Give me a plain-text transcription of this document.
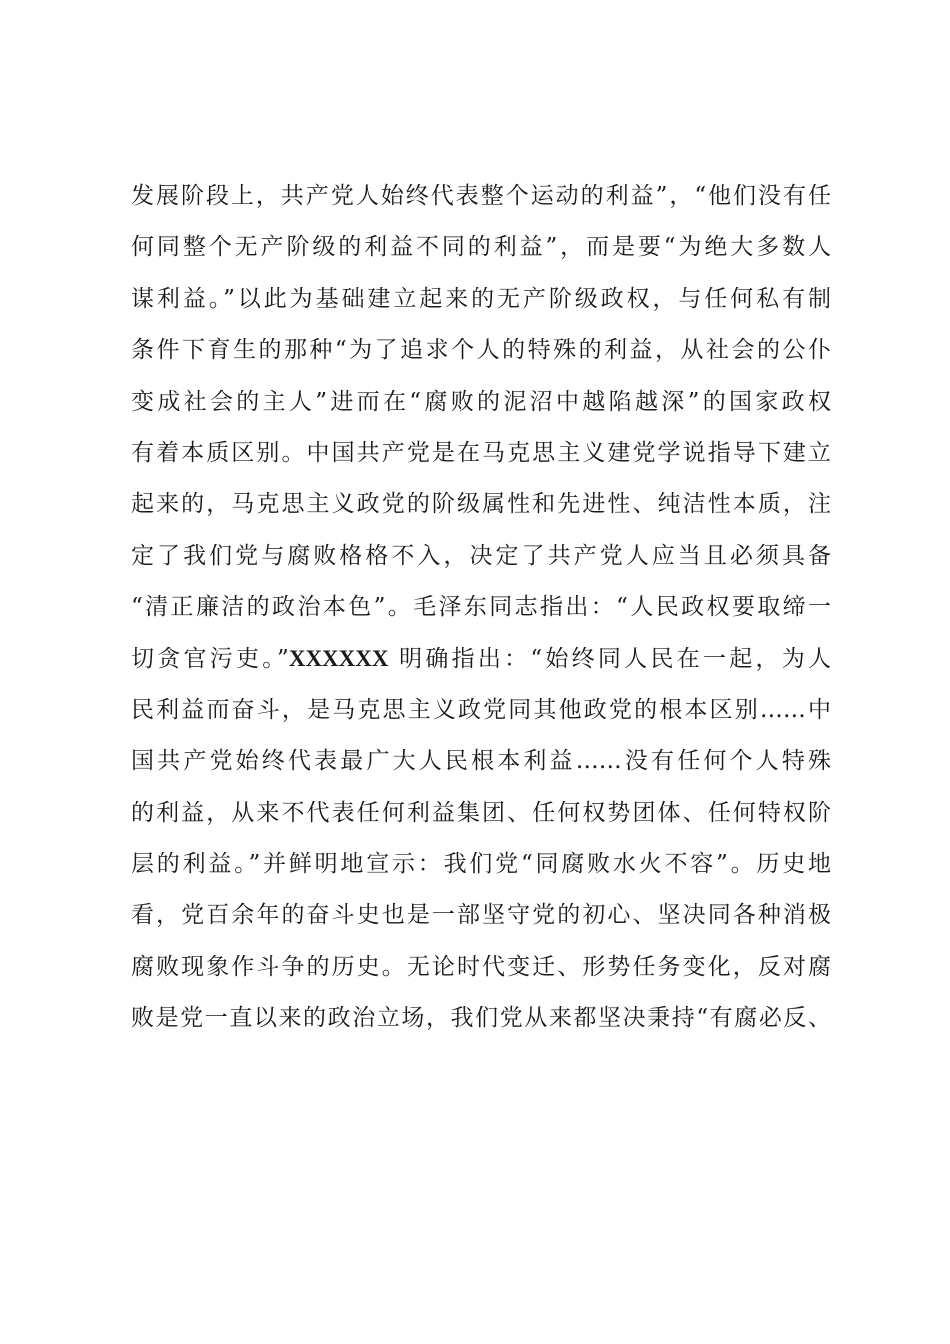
发展阶段上，共产党人始终代表整个运动的利益”，“他们没有任
何同整个无产阶级的利益不同的利益”，而是要“为绝大多数人
谋利益。”以此为基础建立起来的无产阶级政权，与任何私有制
条件下育生的那种“为了追求个人的特殊的利益，从社会的公仆
变成社会的主人”进而在“腐败的泥沼中越陷越深”的国家政权
有着本质区别。中国共产党是在马克思主义建党学说指导下建立
起来的，马克思主义政党的阶级属性和先进性、纯洁性本质，注
定了我们党与腐败格格不入，决定了共产党人应当且必须具备
“清正廉洁的政治本色”。毛泽东同志指出：“人民政权要取缔一
切贪官污吏。”XXXXXX 明确指出：“始终同人民在一起，为人
民利益而奋斗，是马克思主义政党同其他政党的根本区别……中
国共产党始终代表最广大人民根本利益……没有任何个人特殊
的利益，从来不代表任何利益集团、任何权势团体、任何特权阶
层的利益。”并鲜明地宣示：我们党“同腐败水火不容”。历史地
看，党百余年的奋斗史也是一部坚守党的初心、坚决同各种消极
腐败现象作斗争的历史。无论时代变迁、形势任务变化，反对腐
败是党一直以来的政治立场，我们党从来都坚决秉持“有腐必反、
